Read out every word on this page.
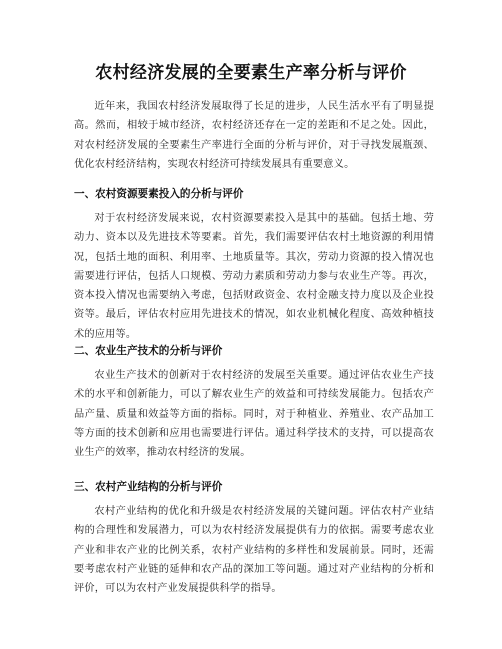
农村经济发展的全要素生产率分析与评价

近年来，我国农村经济发展取得了长足的进步，人民生活水平有了明显提高。然而，相较于城市经济，农村经济还存在一定的差距和不足之处。因此，对农村经济发展的全要素生产率进行全面的分析与评价，对于寻找发展瓶颈、优化农村经济结构，实现农村经济可持续发展具有重要意义。

一、农村资源要素投入的分析与评价

对于农村经济发展来说，农村资源要素投入是其中的基础。包括土地、劳动力、资本以及先进技术等要素。首先，我们需要评估农村土地资源的利用情况，包括土地的面积、利用率、土地质量等。其次，劳动力资源的投入情况也需要进行评估，包括人口规模、劳动力素质和劳动力参与农业生产等。再次，资本投入情况也需要纳入考虑，包括财政资金、农村金融支持力度以及企业投资等。最后，评估农村应用先进技术的情况，如农业机械化程度、高效种植技术的应用等。

二、农业生产技术的分析与评价

农业生产技术的创新对于农村经济的发展至关重要。通过评估农业生产技术的水平和创新能力，可以了解农业生产的效益和可持续发展能力。包括农产品产量、质量和效益等方面的指标。同时，对于种植业、养殖业、农产品加工等方面的技术创新和应用也需要进行评估。通过科学技术的支持，可以提高农业生产的效率，推动农村经济的发展。

三、农村产业结构的分析与评价

农村产业结构的优化和升级是农村经济发展的关键问题。评估农村产业结构的合理性和发展潜力，可以为农村经济发展提供有力的依据。需要考虑农业产业和非农产业的比例关系，农村产业结构的多样性和发展前景。同时，还需要考虑农村产业链的延伸和农产品的深加工等问题。通过对产业结构的分析和评价，可以为农村产业发展提供科学的指导。
